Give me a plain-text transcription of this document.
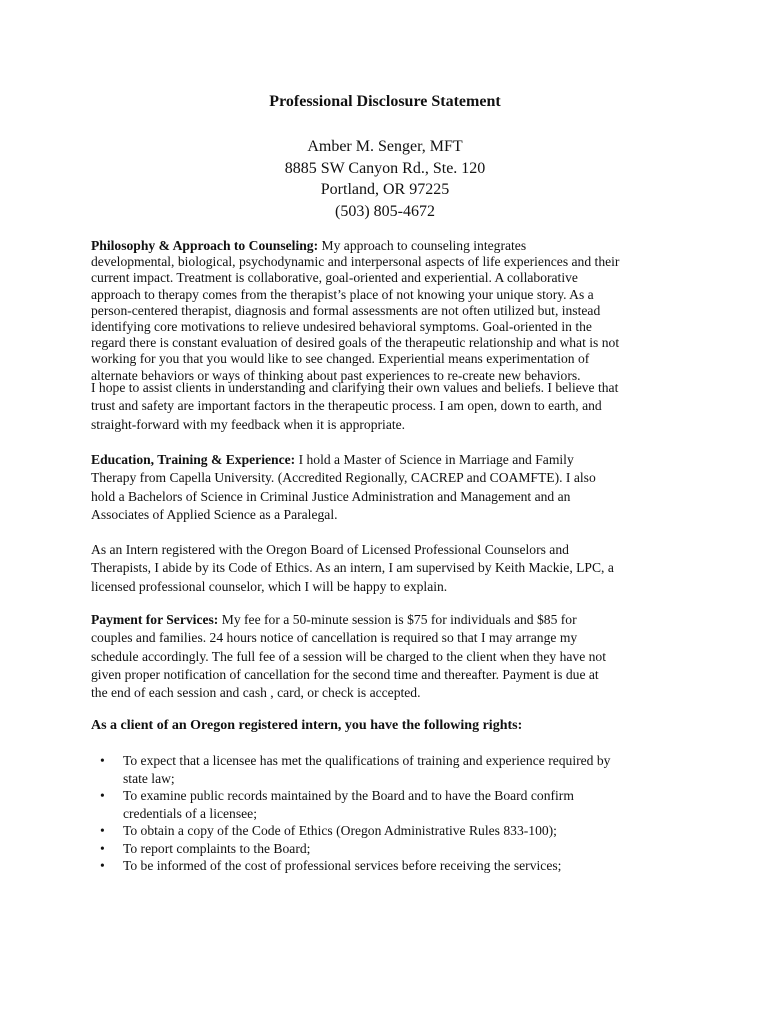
Professional Disclosure Statement
Amber M. Senger, MFT
8885 SW Canyon Rd., Ste. 120
Portland, OR 97225
(503) 805-4672
Philosophy & Approach to Counseling: My approach to counseling integrates
developmental, biological, psychodynamic and interpersonal aspects of life experiences and their
current impact. Treatment is collaborative, goal-oriented and experiential. A collaborative
approach to therapy comes from the therapist’s place of not knowing your unique story. As a
person-centered therapist, diagnosis and formal assessments are not often utilized but, instead
identifying core motivations to relieve undesired behavioral symptoms. Goal-oriented in the
regard there is constant evaluation of desired goals of the therapeutic relationship and what is not
working for you that you would like to see changed. Experiential means experimentation of
alternate behaviors or ways of thinking about past experiences to re-create new behaviors.
I hope to assist clients in understanding and clarifying their own values and beliefs. I believe that
trust and safety are important factors in the therapeutic process. I am open, down to earth, and
straight-forward with my feedback when it is appropriate.
Education, Training & Experience: I hold a Master of Science in Marriage and Family
Therapy from Capella University. (Accredited Regionally, CACREP and COAMFTE). I also
hold a Bachelors of Science in Criminal Justice Administration and Management and an
Associates of Applied Science as a Paralegal.
As an Intern registered with the Oregon Board of Licensed Professional Counselors and
Therapists, I abide by its Code of Ethics. As an intern, I am supervised by Keith Mackie, LPC, a
licensed professional counselor, which I will be happy to explain.
Payment for Services: My fee for a 50-minute session is $75 for individuals and $85 for
couples and families. 24 hours notice of cancellation is required so that I may arrange my
schedule accordingly. The full fee of a session will be charged to the client when they have not
given proper notification of cancellation for the second time and thereafter. Payment is due at
the end of each session and cash , card, or check is accepted.
As a client of an Oregon registered intern, you have the following rights:
• To expect that a licensee has met the qualifications of training and experience required by
state law;
• To examine public records maintained by the Board and to have the Board confirm
credentials of a licensee;
• To obtain a copy of the Code of Ethics (Oregon Administrative Rules 833-100);
• To report complaints to the Board;
• To be informed of the cost of professional services before receiving the services;
